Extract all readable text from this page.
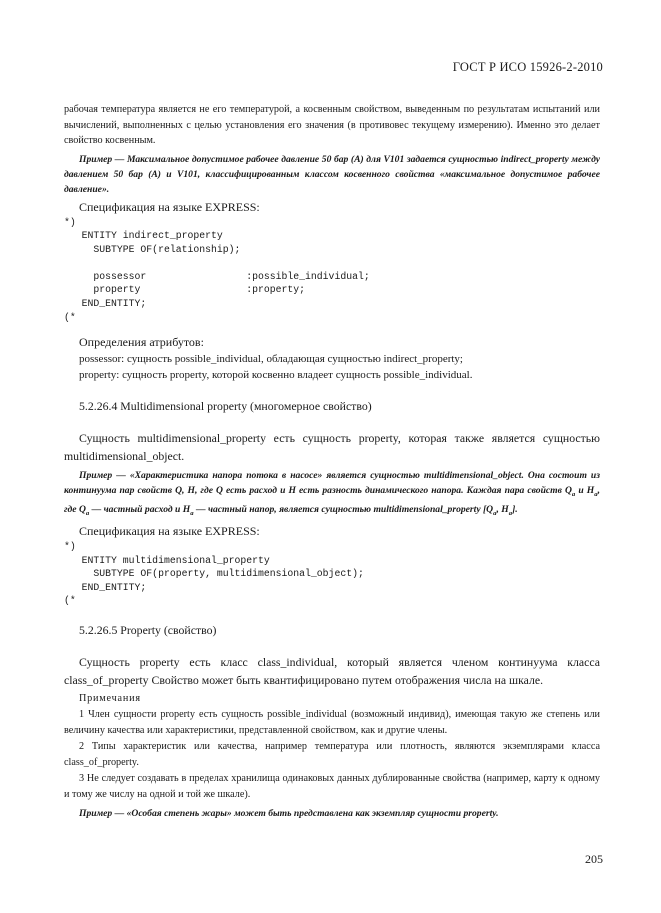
ГОСТ Р ИСО 15926-2-2010

рабочая температура является не его температурой, а косвенным свойством, выведенным по результатам испытаний или вычислений, выполненных с целью установления его значения (в противовес текущему измерению). Именно это делает свойство косвенным.

Пример — Максимальное допустимое рабочее давление 50 бар (А) для V101 задается сущностью indirect_property между давлением 50 бар (А) и V101, классифицированным классом косвенного свойства «максимальное допустимое рабочее давление».

Спецификация на языке EXPRESS:

*)
ENTITY indirect_property
SUBTYPE OF(relationship);

possessor                 :possible_individual;
property                  :property;
END_ENTITY;
(*

Определения атрибутов:

possessor: сущность possible_individual, обладающая сущностью indirect_property;

property: сущность property, которой косвенно владеет сущность possible_individual.

5.2.26.4 Multidimensional property (многомерное свойство)

Сущность multidimensional_property есть сущность property, которая также является сущностью multidimensional_object.

Пример — «Характеристика напора потока в насосе» является сущностью multidimensional_object. Она состоит из континуума пар свойств Q, H, где Q есть расход и H есть разность динамического напора. Каждая пара свойств $Q_a$ и $H_a$, где $Q_a$ — частный расход и $H_a$ — частный напор, является сущностью multidimensional_property [$Q_a$, $H_a$].

Спецификация на языке EXPRESS:

*)
ENTITY multidimensional_property
SUBTYPE OF(property, multidimensional_object);
END_ENTITY;
(*

5.2.26.5 Property (свойство)

Сущность property есть класс class_individual, который является членом континуума класса class_of_property Свойство может быть квантифицировано путем отображения числа на шкале.

Примечания

1 Член сущности property есть сущность possible_individual (возможный индивид), имеющая такую же степень или величину качества или характеристики, представленной свойством, как и другие члены.

2 Типы характеристик или качества, например температура или плотность, являются экземплярами класса class_of_property.

3 Не следует создавать в пределах хранилища одинаковых данных дублированные свойства (например, карту к одному и тому же числу на одной и той же шкале).

Пример — «Особая степень жары» может быть представлена как экземпляр сущности property.

205
